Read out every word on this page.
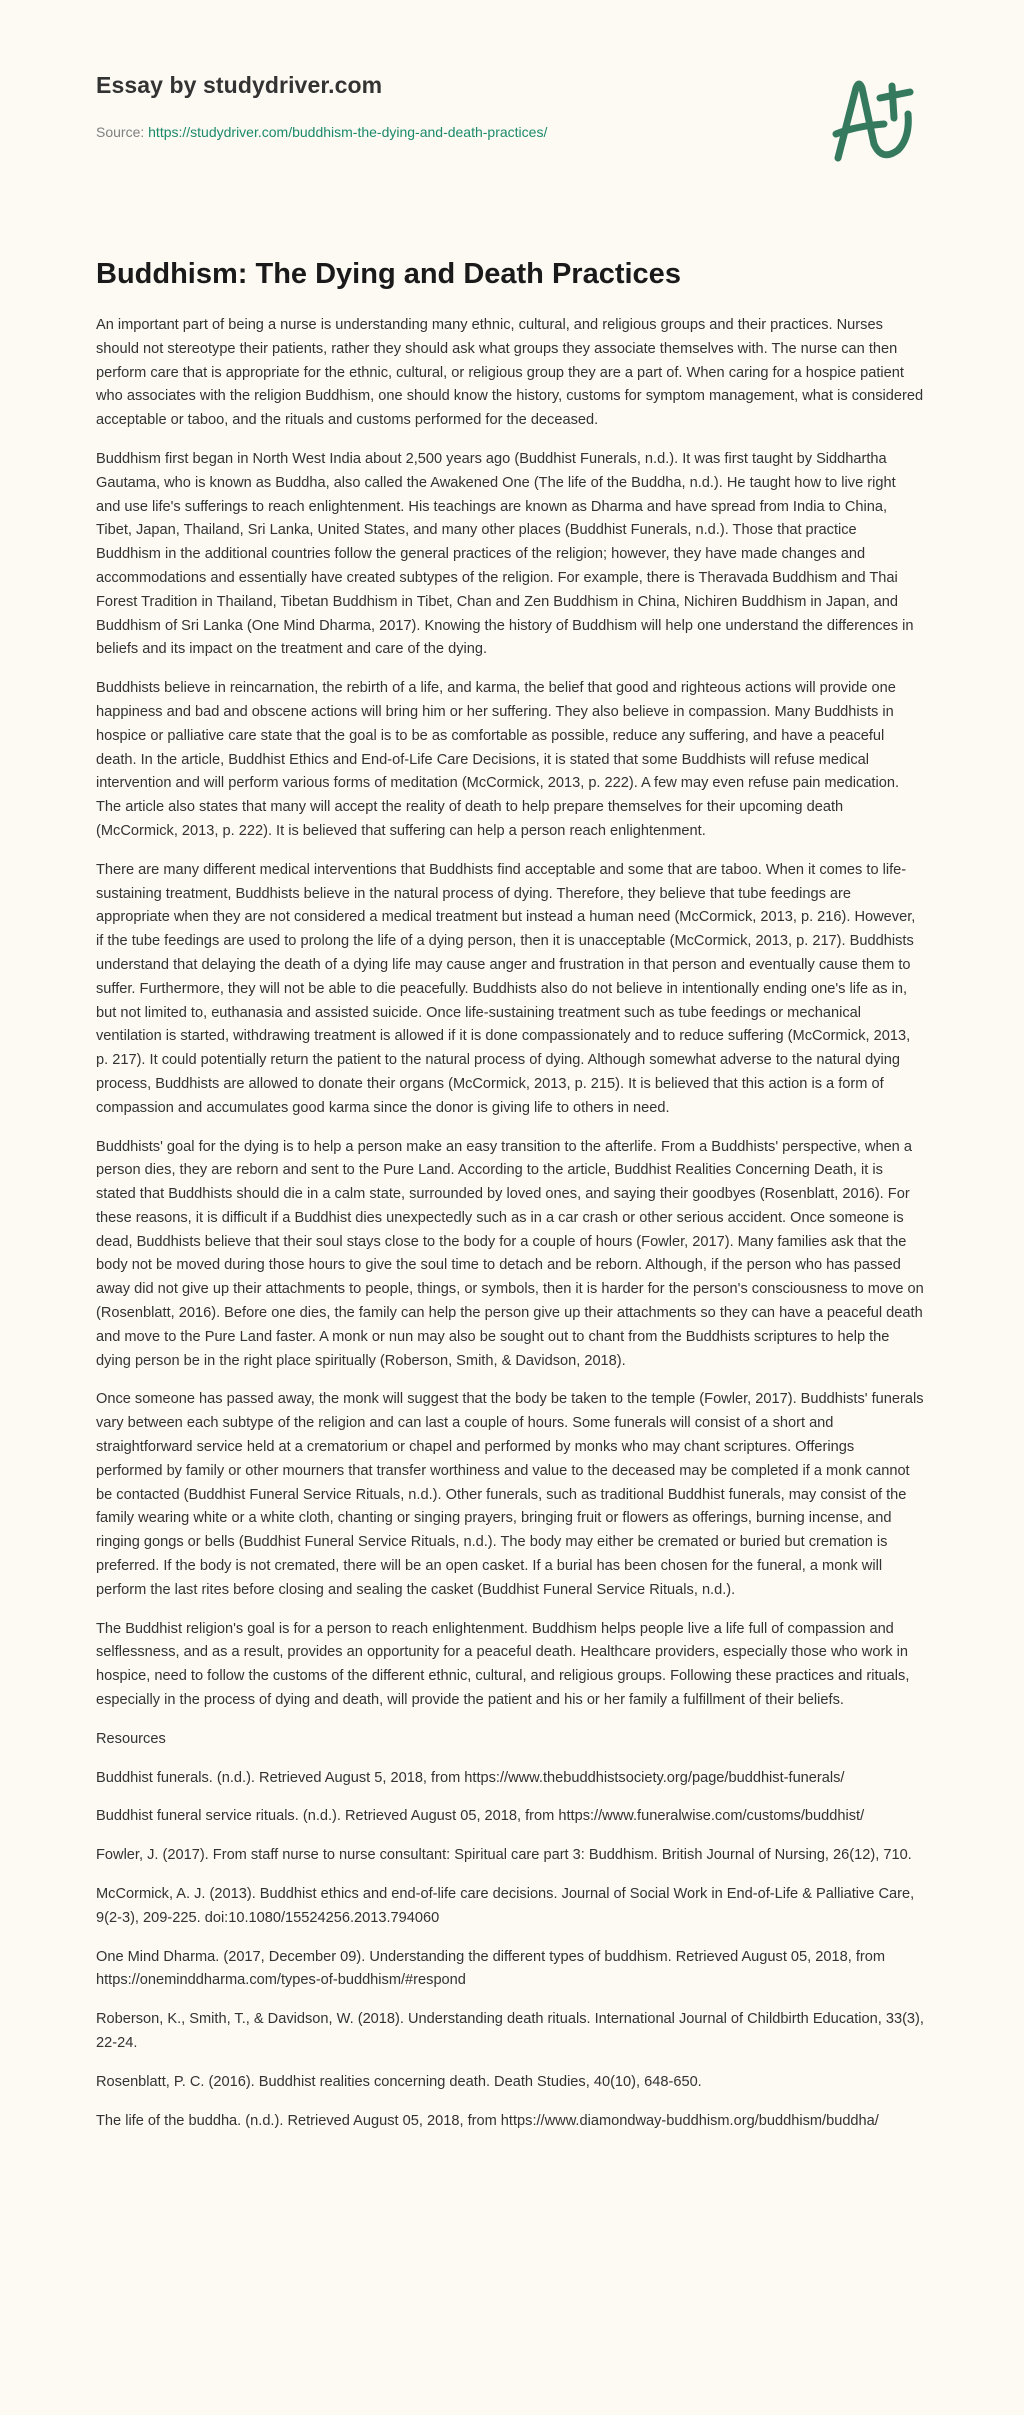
Essay by studydriver.com
Source: https://studydriver.com/buddhism-the-dying-and-death-practices/
Buddhism: The Dying and Death Practices

An important part of being a nurse is understanding many ethnic, cultural, and religious groups and their practices. Nurses should not stereotype their patients, rather they should ask what groups they associate themselves with. The nurse can then perform care that is appropriate for the ethnic, cultural, or religious group they are a part of. When caring for a hospice patient who associates with the religion Buddhism, one should know the history, customs for symptom management, what is considered acceptable or taboo, and the rituals and customs performed for the deceased.

Buddhism first began in North West India about 2,500 years ago (Buddhist Funerals, n.d.). It was first taught by Siddhartha Gautama, who is known as Buddha, also called the Awakened One (The life of the Buddha, n.d.). He taught how to live right and use life's sufferings to reach enlightenment. His teachings are known as Dharma and have spread from India to China, Tibet, Japan, Thailand, Sri Lanka, United States, and many other places (Buddhist Funerals, n.d.). Those that practice Buddhism in the additional countries follow the general practices of the religion; however, they have made changes and accommodations and essentially have created subtypes of the religion. For example, there is Theravada Buddhism and Thai Forest Tradition in Thailand, Tibetan Buddhism in Tibet, Chan and Zen Buddhism in China, Nichiren Buddhism in Japan, and Buddhism of Sri Lanka (One Mind Dharma, 2017). Knowing the history of Buddhism will help one understand the differences in beliefs and its impact on the treatment and care of the dying.

Buddhists believe in reincarnation, the rebirth of a life, and karma, the belief that good and righteous actions will provide one happiness and bad and obscene actions will bring him or her suffering. They also believe in compassion. Many Buddhists in hospice or palliative care state that the goal is to be as comfortable as possible, reduce any suffering, and have a peaceful death. In the article, Buddhist Ethics and End-of-Life Care Decisions, it is stated that some Buddhists will refuse medical intervention and will perform various forms of meditation (McCormick, 2013, p. 222). A few may even refuse pain medication. The article also states that many will accept the reality of death to help prepare themselves for their upcoming death (McCormick, 2013, p. 222). It is believed that suffering can help a person reach enlightenment.

There are many different medical interventions that Buddhists find acceptable and some that are taboo. When it comes to life-sustaining treatment, Buddhists believe in the natural process of dying. Therefore, they believe that tube feedings are appropriate when they are not considered a medical treatment but instead a human need (McCormick, 2013, p. 216). However, if the tube feedings are used to prolong the life of a dying person, then it is unacceptable (McCormick, 2013, p. 217). Buddhists understand that delaying the death of a dying life may cause anger and frustration in that person and eventually cause them to suffer. Furthermore, they will not be able to die peacefully. Buddhists also do not believe in intentionally ending one's life as in, but not limited to, euthanasia and assisted suicide. Once life-sustaining treatment such as tube feedings or mechanical ventilation is started, withdrawing treatment is allowed if it is done compassionately and to reduce suffering (McCormick, 2013, p. 217). It could potentially return the patient to the natural process of dying. Although somewhat adverse to the natural dying process, Buddhists are allowed to donate their organs (McCormick, 2013, p. 215). It is believed that this action is a form of compassion and accumulates good karma since the donor is giving life to others in need.

Buddhists' goal for the dying is to help a person make an easy transition to the afterlife. From a Buddhists' perspective, when a person dies, they are reborn and sent to the Pure Land. According to the article, Buddhist Realities Concerning Death, it is stated that Buddhists should die in a calm state, surrounded by loved ones, and saying their goodbyes (Rosenblatt, 2016). For these reasons, it is difficult if a Buddhist dies unexpectedly such as in a car crash or other serious accident. Once someone is dead, Buddhists believe that their soul stays close to the body for a couple of hours (Fowler, 2017). Many families ask that the body not be moved during those hours to give the soul time to detach and be reborn. Although, if the person who has passed away did not give up their attachments to people, things, or symbols, then it is harder for the person's consciousness to move on (Rosenblatt, 2016). Before one dies, the family can help the person give up their attachments so they can have a peaceful death and move to the Pure Land faster. A monk or nun may also be sought out to chant from the Buddhists scriptures to help the dying person be in the right place spiritually (Roberson, Smith, & Davidson, 2018).

Once someone has passed away, the monk will suggest that the body be taken to the temple (Fowler, 2017). Buddhists' funerals vary between each subtype of the religion and can last a couple of hours. Some funerals will consist of a short and straightforward service held at a crematorium or chapel and performed by monks who may chant scriptures. Offerings performed by family or other mourners that transfer worthiness and value to the deceased may be completed if a monk cannot be contacted (Buddhist Funeral Service Rituals, n.d.). Other funerals, such as traditional Buddhist funerals, may consist of the family wearing white or a white cloth, chanting or singing prayers, bringing fruit or flowers as offerings, burning incense, and ringing gongs or bells (Buddhist Funeral Service Rituals, n.d.). The body may either be cremated or buried but cremation is preferred. If the body is not cremated, there will be an open casket. If a burial has been chosen for the funeral, a monk will perform the last rites before closing and sealing the casket (Buddhist Funeral Service Rituals, n.d.).

The Buddhist religion's goal is for a person to reach enlightenment. Buddhism helps people live a life full of compassion and selflessness, and as a result, provides an opportunity for a peaceful death. Healthcare providers, especially those who work in hospice, need to follow the customs of the different ethnic, cultural, and religious groups. Following these practices and rituals, especially in the process of dying and death, will provide the patient and his or her family a fulfillment of their beliefs.

Resources

Buddhist funerals. (n.d.). Retrieved August 5, 2018, from https://www.thebuddhistsociety.org/page/buddhist-funerals/

Buddhist funeral service rituals. (n.d.). Retrieved August 05, 2018, from https://www.funeralwise.com/customs/buddhist/

Fowler, J. (2017). From staff nurse to nurse consultant: Spiritual care part 3: Buddhism. British Journal of Nursing, 26(12), 710.

McCormick, A. J. (2013). Buddhist ethics and end-of-life care decisions. Journal of Social Work in End-of-Life & Palliative Care, 9(2-3), 209-225. doi:10.1080/15524256.2013.794060

One Mind Dharma. (2017, December 09). Understanding the different types of buddhism. Retrieved August 05, 2018, from https://oneminddharma.com/types-of-buddhism/#respond

Roberson, K., Smith, T., & Davidson, W. (2018). Understanding death rituals. International Journal of Childbirth Education, 33(3), 22-24.

Rosenblatt, P. C. (2016). Buddhist realities concerning death. Death Studies, 40(10), 648-650.

The life of the buddha. (n.d.). Retrieved August 05, 2018, from https://www.diamondway-buddhism.org/buddhism/buddha/
